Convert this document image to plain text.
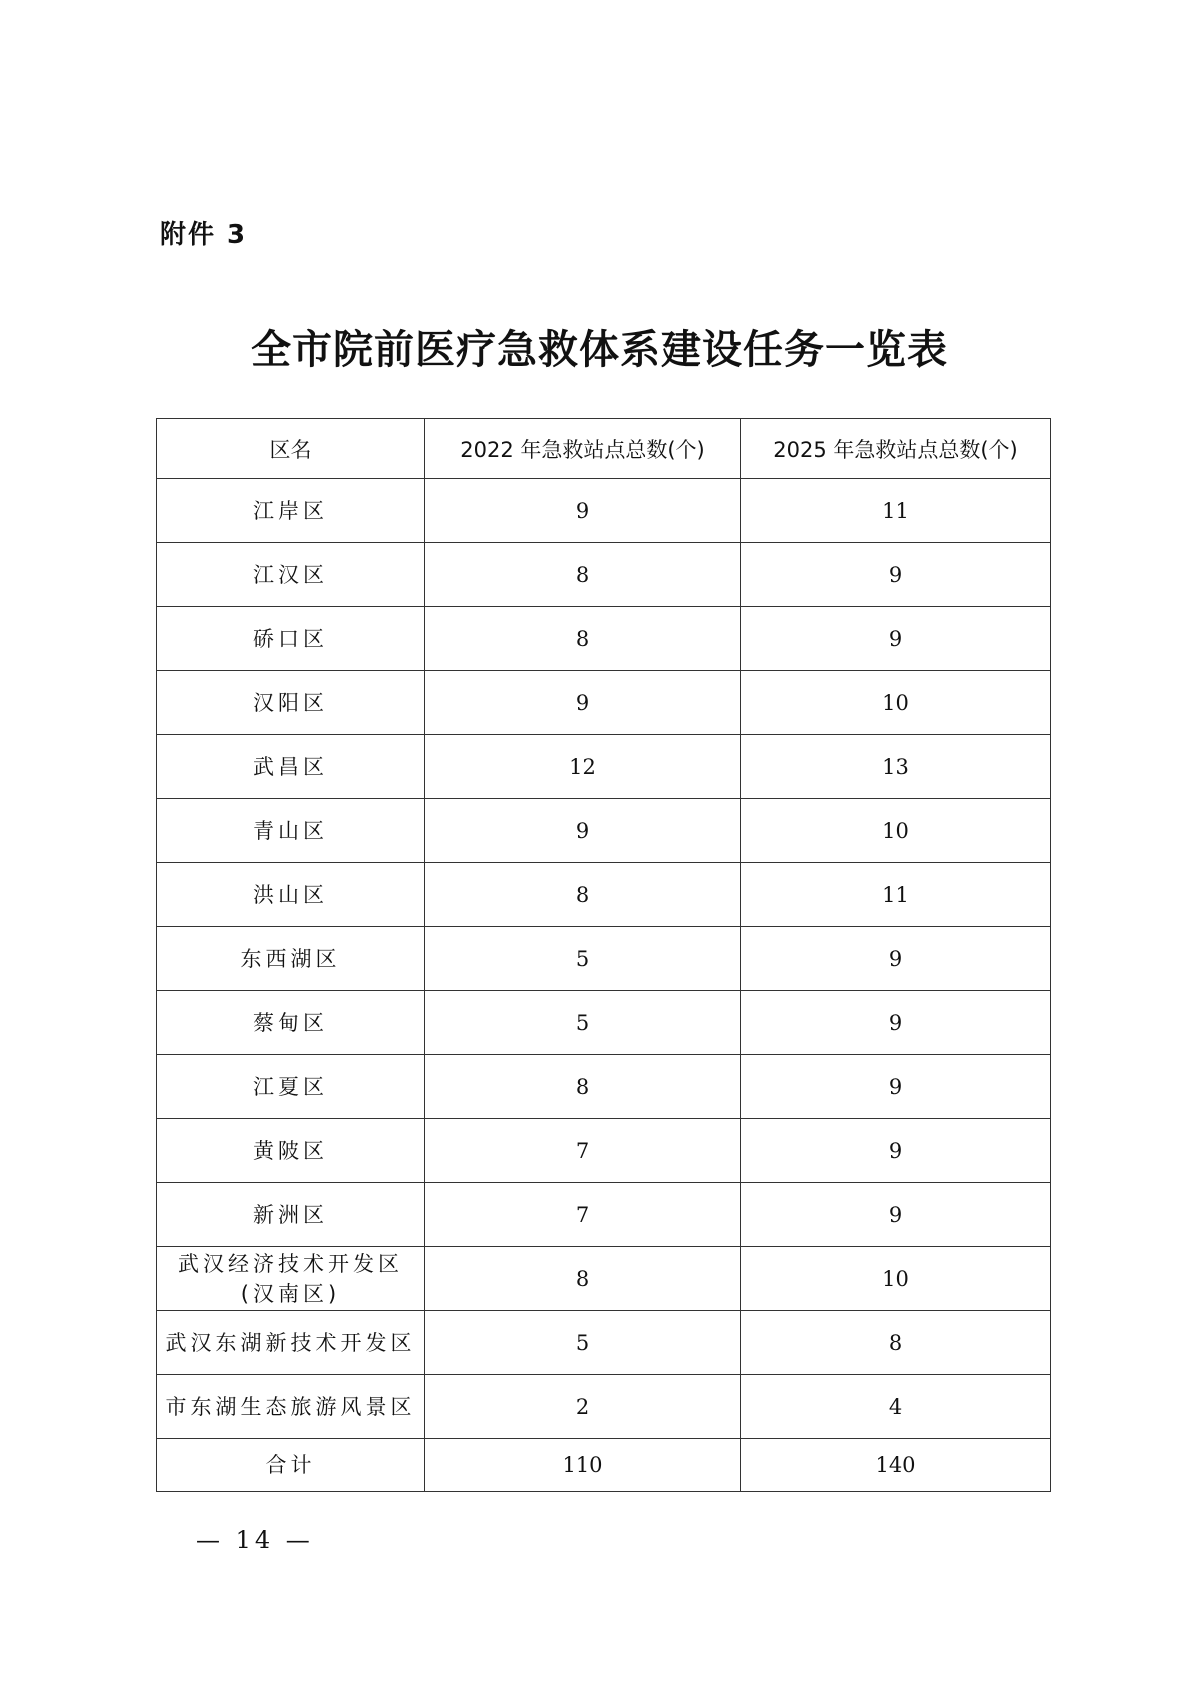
附件 3
全市院前医疗急救体系建设任务一览表
区名	2022 年急救站点总数(个)	2025 年急救站点总数(个)
江岸区	9	11
江汉区	8	9
硚口区	8	9
汉阳区	9	10
武昌区	12	13
青山区	9	10
洪山区	8	11
东西湖区	5	9
蔡甸区	5	9
江夏区	8	9
黄陂区	7	9
新洲区	7	9
武汉经济技术开发区
(汉南区)	8	10
武汉东湖新技术开发区	5	8
市东湖生态旅游风景区	2	4
合计	110	140
— 14 —
